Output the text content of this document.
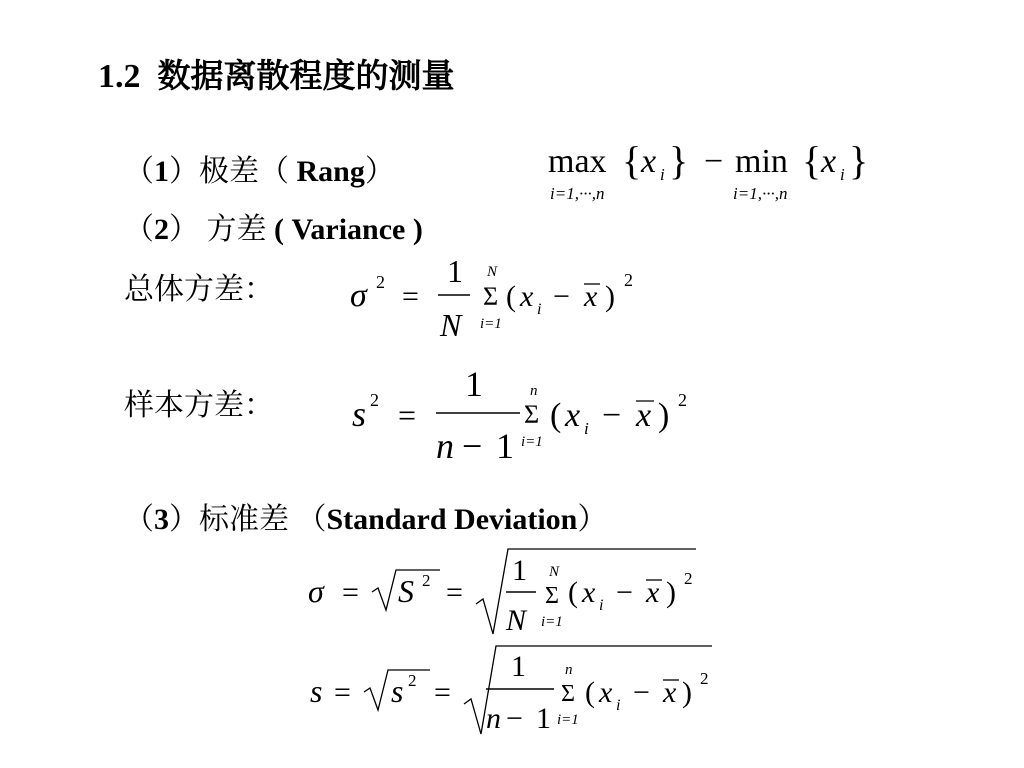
1.2 数据离散程度的测量
（1）极差（ Rang）	max
i=1,···,n
{ x i } − min
i=1,···,n
{ x i }
（2） 方差 ( Variance )
总体方差： σ 2 =
1
N
N
Σ
i=1
( x i − x ) 2
样本方差： s 2 =
1
n − 1
n
Σ
i=1
( x i − x ) 2
（3）标准差 （Standard Deviation）
σ = S 2 =
1
N
N
Σ
i=1
( x i − x ) 2
s = s 2 =
1
n − 1
n
Σ
i=1
( x i − x ) 2
